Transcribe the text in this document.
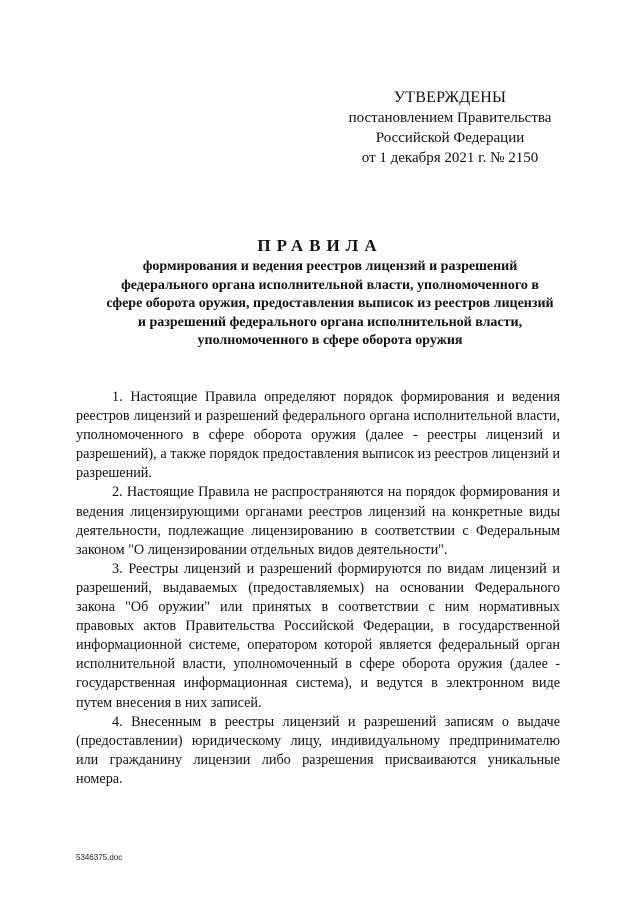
УТВЕРЖДЕНЫ
постановлением Правительства
Российской Федерации
от 1 декабря 2021 г. № 2150
ПРАВИЛА
формирования и ведения реестров лицензий и разрешений федерального органа исполнительной власти, уполномоченного в сфере оборота оружия, предоставления выписок из реестров лицензий и разрешений федерального органа исполнительной власти, уполномоченного в сфере оборота оружия

1. Настоящие Правила определяют порядок формирования и ведения реестров лицензий и разрешений федерального органа исполнительной власти, уполномоченного в сфере оборота оружия (далее - реестры лицензий и разрешений), а также порядок предоставления выписок из реестров лицензий и разрешений.

2. Настоящие Правила не распространяются на порядок формирования и ведения лицензирующими органами реестров лицензий на конкретные виды деятельности, подлежащие лицензированию в соответствии с Федеральным законом "О лицензировании отдельных видов деятельности".

3. Реестры лицензий и разрешений формируются по видам лицензий и разрешений, выдаваемых (предоставляемых) на основании Федерального закона "Об оружии" или принятых в соответствии с ним нормативных правовых актов Правительства Российской Федерации, в государственной информационной системе, оператором которой является федеральный орган исполнительной власти, уполномоченный в сфере оборота оружия (далее - государственная информационная система), и ведутся в электронном виде путем внесения в них записей.

4. Внесенным в реестры лицензий и разрешений записям о выдаче (предоставлении) юридическому лицу, индивидуальному предпринимателю или гражданину лицензии либо разрешения присваиваются уникальные номера.

5346375.doc
